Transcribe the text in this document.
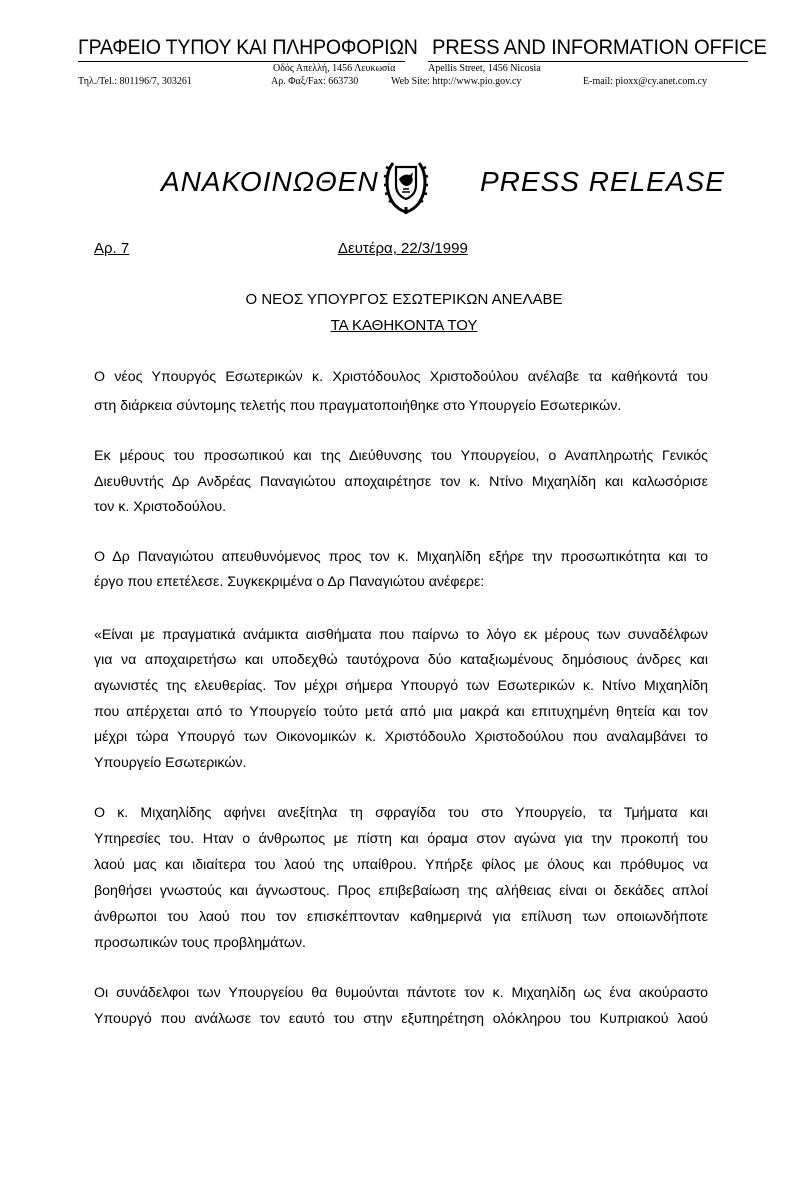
ΓΡΑΦΕΙΟ ΤΥΠΟΥ ΚΑΙ ΠΛΗΡΟΦΟΡΙΩΝ PRESS AND INFORMATION OFFICE
Οδός Απελλή, 1456 Λευκωσία	Apellis Street, 1456 Nicosia
Τηλ./Tel.: 801196/7, 303261	Αρ. Φαξ/Fax: 663730	Web Site: http://www.pio.gov.cy	E-mail: pioxx@cy.anet.com.cy
ΑΝΑΚΟΙΝΩΘΕΝ	PRESS RELEASE
Αρ. 7	Δευτέρα, 22/3/1999
Ο ΝΕΟΣ ΥΠΟΥΡΓΟΣ ΕΣΩΤΕΡΙΚΩΝ ΑΝΕΛΑΒΕ
ΤΑ ΚΑΘΗΚΟΝΤΑ ΤΟΥ
Ο νέος Υπουργός Εσωτερικών κ. Χριστόδουλος Χριστοδούλου ανέλαβε τα καθήκοντά του
στη διάρκεια σύντομης τελετής που πραγματοποιήθηκε στο Υπουργείο Εσωτερικών.
Εκ μέρους του προσωπικού και της Διεύθυνσης του Υπουργείου, ο Αναπληρωτής Γενικός
Διευθυντής Δρ Ανδρέας Παναγιώτου αποχαιρέτησε τον κ. Ντίνο Μιχαηλίδη και καλωσόρισε
τον κ. Χριστοδούλου.
Ο Δρ Παναγιώτου απευθυνόμενος προς τον κ. Μιχαηλίδη εξήρε την προσωπικότητα και το
έργο που επετέλεσε. Συγκεκριμένα ο Δρ Παναγιώτου ανέφερε:
«Είναι με πραγματικά ανάμικτα αισθήματα που παίρνω το λόγο εκ μέρους των συναδέλφων
για να αποχαιρετήσω και υποδεχθώ ταυτόχρονα δύο καταξιωμένους δημόσιους άνδρες και
αγωνιστές της ελευθερίας. Τον μέχρι σήμερα Υπουργό των Εσωτερικών κ. Ντίνο Μιχαηλίδη
που απέρχεται από το Υπουργείο τούτο μετά από μια μακρά και επιτυχημένη θητεία και τον
μέχρι τώρα Υπουργό των Οικονομικών κ. Χριστόδουλο Χριστοδούλου που αναλαμβάνει το
Υπουργείο Εσωτερικών.
Ο κ. Μιχαηλίδης αφήνει ανεξίτηλα τη σφραγίδα του στο Υπουργείο, τα Τμήματα και
Υπηρεσίες του. Ηταν ο άνθρωπος με πίστη και όραμα στον αγώνα για την προκοπή του
λαού μας και ιδιαίτερα του λαού της υπαίθρου. Υπήρξε φίλος με όλους και πρόθυμος να
βοηθήσει γνωστούς και άγνωστους. Προς επιβεβαίωση της αλήθειας είναι οι δεκάδες απλοί
άνθρωποι του λαού που τον επισκέπτονταν καθημερινά για επίλυση των οποιωνδήποτε
προσωπικών τους προβλημάτων.
Οι συνάδελφοι των Υπουργείου θα θυμούνται πάντοτε τον κ. Μιχαηλίδη ως ένα ακούραστο
Υπουργό που ανάλωσε τον εαυτό του στην εξυπηρέτηση ολόκληρου του Κυπριακού λαού
